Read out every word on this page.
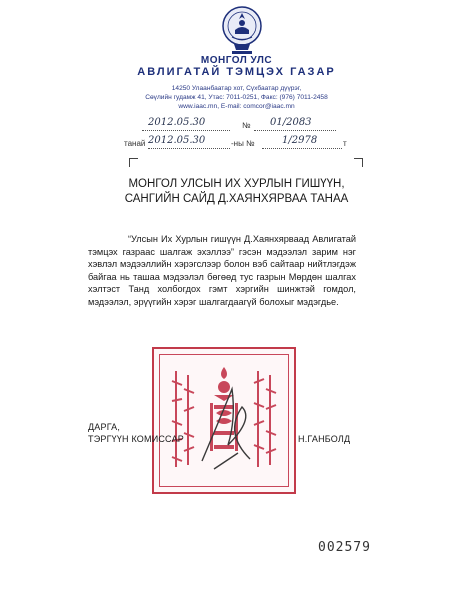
МОНГОЛ УЛС
АВЛИГАТАЙ ТЭМЦЭХ ГАЗАР
14250 Улаанбаатар хот, Сүхбаатар дүүрэг,
Сөүлийн гудамж 41, Утас: 7011-0251, Факс: (976) 7011-2458
www.iaac.mn, E-mail: comcor@iaac.mn
2012.05.30	№ 01/2083
танай 2012.05.30	-ны №	1/2978	т
МОНГОЛ УЛСЫН ИХ ХУРЛЫН ГИШҮҮН,
САНГИЙН САЙД Д.ХАЯНХЯРВАА ТАНАА
“Улсын Их Хурлын гишүүн Д.Хаянхярваад Авлигатай тэмцэх газраас шалгаж эхэллээ” гэсэн мэдээлэл зарим нэг хэвлэл мэдээллийн хэрэгслээр болон вэб сайтаар нийтлэгдэж байгаа нь ташаа мэдээлэл бөгөөд тус газрын Мөрдөн шалгах хэлтэст Танд холбогдох гэмт хэргийн шинжтэй гомдол, мэдээлэл, эрүүгийн хэрэг шалгагдаагүй болохыг мэдэгдье.
ДАРГА,
ТЭРГҮҮН КОМИССАР	Н.ГАНБОЛД
002579
